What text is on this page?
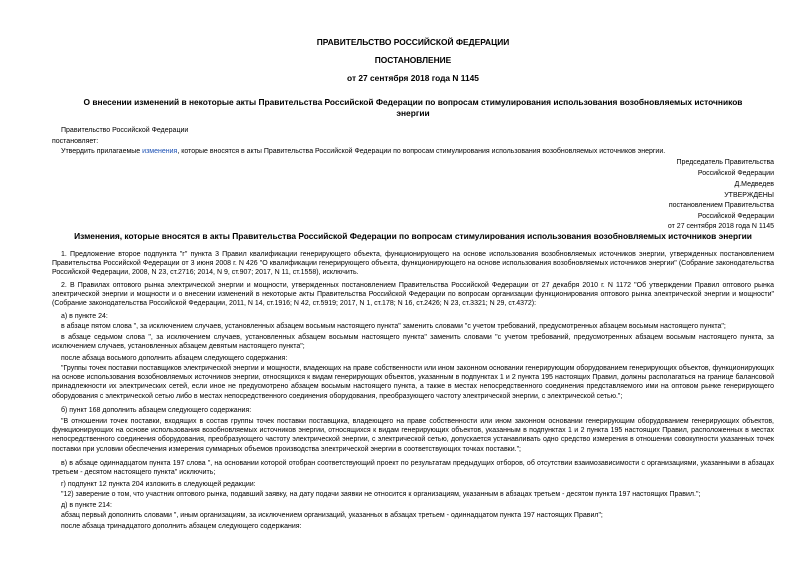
ПРАВИТЕЛЬСТВО РОССИЙСКОЙ ФЕДЕРАЦИИ
ПОСТАНОВЛЕНИЕ
от 27 сентября 2018 года N 1145
О внесении изменений в некоторые акты Правительства Российской Федерации по вопросам стимулирования использования возобновляемых источников
энергии
Правительство Российской Федерации
постановляет:
Утвердить прилагаемые изменения, которые вносятся в акты Правительства Российской Федерации по вопросам стимулирования использования возобновляемых источников энергии.
Председатель Правительства
Российской Федерации
Д.Медведев
УТВЕРЖДЕНЫ
постановлением Правительства
Российской Федерации
от 27 сентября 2018 года N 1145
Изменения, которые вносятся в акты Правительства Российской Федерации по вопросам стимулирования использования возобновляемых источников энергии
1. Предложение второе подпункта "г" пункта 3 Правил квалификации генерирующего объекта, функционирующего на основе использования возобновляемых источников энергии, утвержденных постановлением Правительства Российской Федерации от 3 июня 2008 г. N 426 "О квалификации генерирующего объекта, функционирующего на основе использования возобновляемых источников энергии" (Собрание законодательства Российской Федерации, 2008, N 23, ст.2716; 2014, N 9, ст.907; 2017, N 11, ст.1558), исключить.
2. В Правилах оптового рынка электрической энергии и мощности, утвержденных постановлением Правительства Российской Федерации от 27 декабря 2010 г. N 1172 "Об утверждении Правил оптового рынка электрической энергии и мощности и о внесении изменений в некоторые акты Правительства Российской Федерации по вопросам организации функционирования оптового рынка электрической энергии и мощности" (Собрание законодательства Российской Федерации, 2011, N 14, ст.1916; N 42, ст.5919; 2017, N 1, ст.178; N 16, ст.2426; N 23, ст.3321; N 29, ст.4372):
а) в пункте 24:
в абзаце пятом слова ", за исключением случаев, установленных абзацем восьмым настоящего пункта" заменить словами "с учетом требований, предусмотренных абзацем восьмым настоящего пункта";
в абзаце седьмом слова ", за исключением случаев, установленных абзацем восьмым настоящего пункта" заменить словами "с учетом требований, предусмотренных абзацем восьмым настоящего пункта, за исключением случаев, установленных абзацем девятым настоящего пункта";
после абзаца восьмого дополнить абзацем следующего содержания:
"Группы точек поставки поставщиков электрической энергии и мощности, владеющих на праве собственности или ином законном основании генерирующим оборудованием генерирующих объектов, функционирующих на основе использования возобновляемых источников энергии, относящихся к видам генерирующих объектов, указанным в подпунктах 1 и 2 пункта 195 настоящих Правил, должны располагаться на границе балансовой принадлежности их электрических сетей, если иное не предусмотрено абзацем восьмым настоящего пункта, а также в местах непосредственного соединения представляемого ими на оптовом рынке генерирующего оборудования с электрической сетью либо в местах непосредственного соединения оборудования, преобразующего частоту электрической энергии, с электрической сетью.";
б) пункт 168 дополнить абзацем следующего содержания:
"В отношении точек поставки, входящих в состав группы точек поставки поставщика, владеющего на праве собственности или ином законном основании генерирующим оборудованием генерирующих объектов, функционирующих на основе использования возобновляемых источников энергии, относящихся к видам генерирующих объектов, указанным в подпунктах 1 и 2 пункта 195 настоящих Правил, расположенных в местах непосредственного соединения оборудования, преобразующего частоту электрической энергии, с электрической сетью, допускается устанавливать одно средство измерения в отношении совокупности указанных точек поставки при условии обеспечения измерения суммарных объемов производства электрической энергии в соответствующих точках поставки.";
в) в абзаце одиннадцатом пункта 197 слова ", на основании которой отобран соответствующий проект по результатам предыдущих отборов, об отсутствии взаимозависимости с организациями, указанными в абзацах третьем - десятом настоящего пункта" исключить;
г) подпункт 12 пункта 204 изложить в следующей редакции:
"12) заверение о том, что участник оптового рынка, подавший заявку, на дату подачи заявки не относится к организациям, указанным в абзацах третьем - десятом пункта 197 настоящих Правил.";
д) в пункте 214:
абзац первый дополнить словами ", иным организациям, за исключением организаций, указанных в абзацах третьем - одиннадцатом пункта 197 настоящих Правил";
после абзаца тринадцатого дополнить абзацем следующего содержания:
